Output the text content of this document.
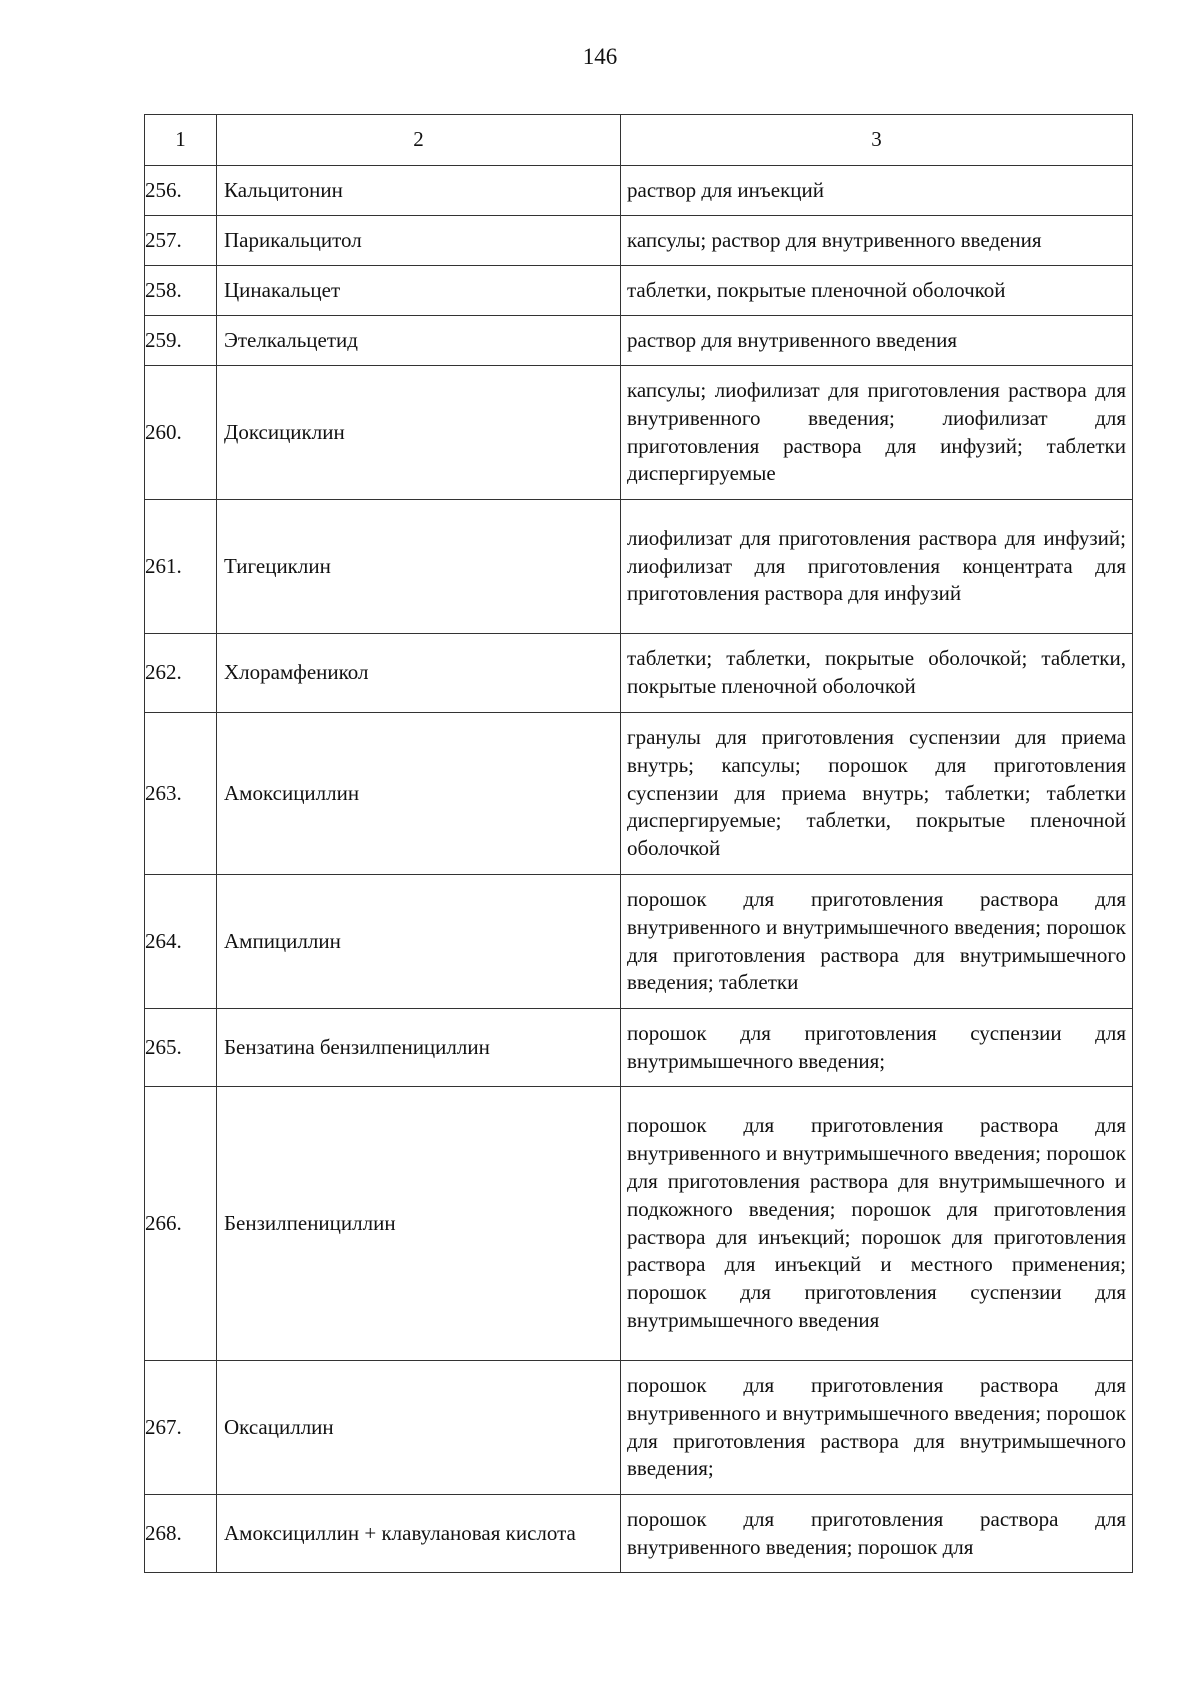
146
1	2	3
256.	Кальцитонин	раствор для инъекций
257.	Парикальцитол	капсулы; раствор для внутривенного введения
258.	Цинакальцет	таблетки, покрытые пленочной оболочкой
259.	Этелкальцетид	раствор для внутривенного введения
260.	Доксициклин	капсулы; лиофилизат для приготовления раствора для внутривенного введения; лиофилизат для приготовления раствора для инфузий; таблетки диспергируемые
261.	Тигециклин	лиофилизат для приготовления раствора для инфузий; лиофилизат для приготовления концентрата для приготовления раствора для инфузий
262.	Хлорамфеникол	таблетки; таблетки, покрытые оболочкой; таблетки, покрытые пленочной оболочкой
263.	Амоксициллин	гранулы для приготовления суспензии для приема внутрь; капсулы; порошок для приготовления суспензии для приема внутрь; таблетки; таблетки диспергируемые; таблетки, покрытые пленочной оболочкой
264.	Ампициллин	порошок для приготовления раствора для внутривенного и внутримышечного введения; порошок для приготовления раствора для внутримышечного введения; таблетки
265.	Бензатина бензилпенициллин	порошок для приготовления суспензии для внутримышечного введения;
266.	Бензилпенициллин	порошок для приготовления раствора для внутривенного и внутримышечного введения; порошок для приготовления раствора для внутримышечного и подкожного введения; порошок для приготовления раствора для инъекций; порошок для приготовления раствора для инъекций и местного применения; порошок для приготовления суспензии для внутримышечного введения
267.	Оксациллин	порошок для приготовления раствора для внутривенного и внутримышечного введения; порошок для приготовления раствора для внутримышечного введения;
268.	Амоксициллин + клавулановая кислота	порошок для приготовления раствора для внутривенного введения; порошок для
